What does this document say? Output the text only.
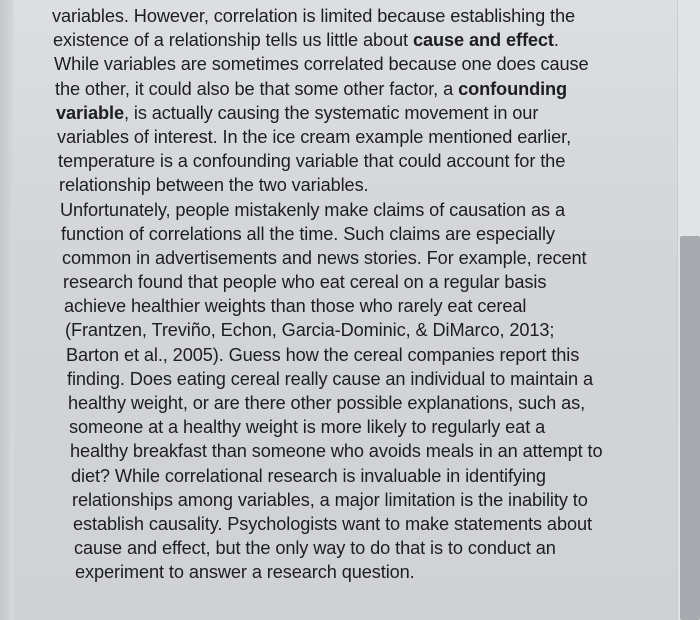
variables. However, correlation is limited because establishing the
existence of a relationship tells us little about cause and effect.
While variables are sometimes correlated because one does cause
the other, it could also be that some other factor, a confounding
variable, is actually causing the systematic movement in our
variables of interest. In the ice cream example mentioned earlier,
temperature is a confounding variable that could account for the
relationship between the two variables.
Unfortunately, people mistakenly make claims of causation as a
function of correlations all the time. Such claims are especially
common in advertisements and news stories. For example, recent
research found that people who eat cereal on a regular basis
achieve healthier weights than those who rarely eat cereal
(Frantzen, Treviño, Echon, Garcia-Dominic, & DiMarco, 2013;
Barton et al., 2005). Guess how the cereal companies report this
finding. Does eating cereal really cause an individual to maintain a
healthy weight, or are there other possible explanations, such as,
someone at a healthy weight is more likely to regularly eat a
healthy breakfast than someone who avoids meals in an attempt to
diet? While correlational research is invaluable in identifying
relationships among variables, a major limitation is the inability to
establish causality. Psychologists want to make statements about
cause and effect, but the only way to do that is to conduct an
experiment to answer a research question.
